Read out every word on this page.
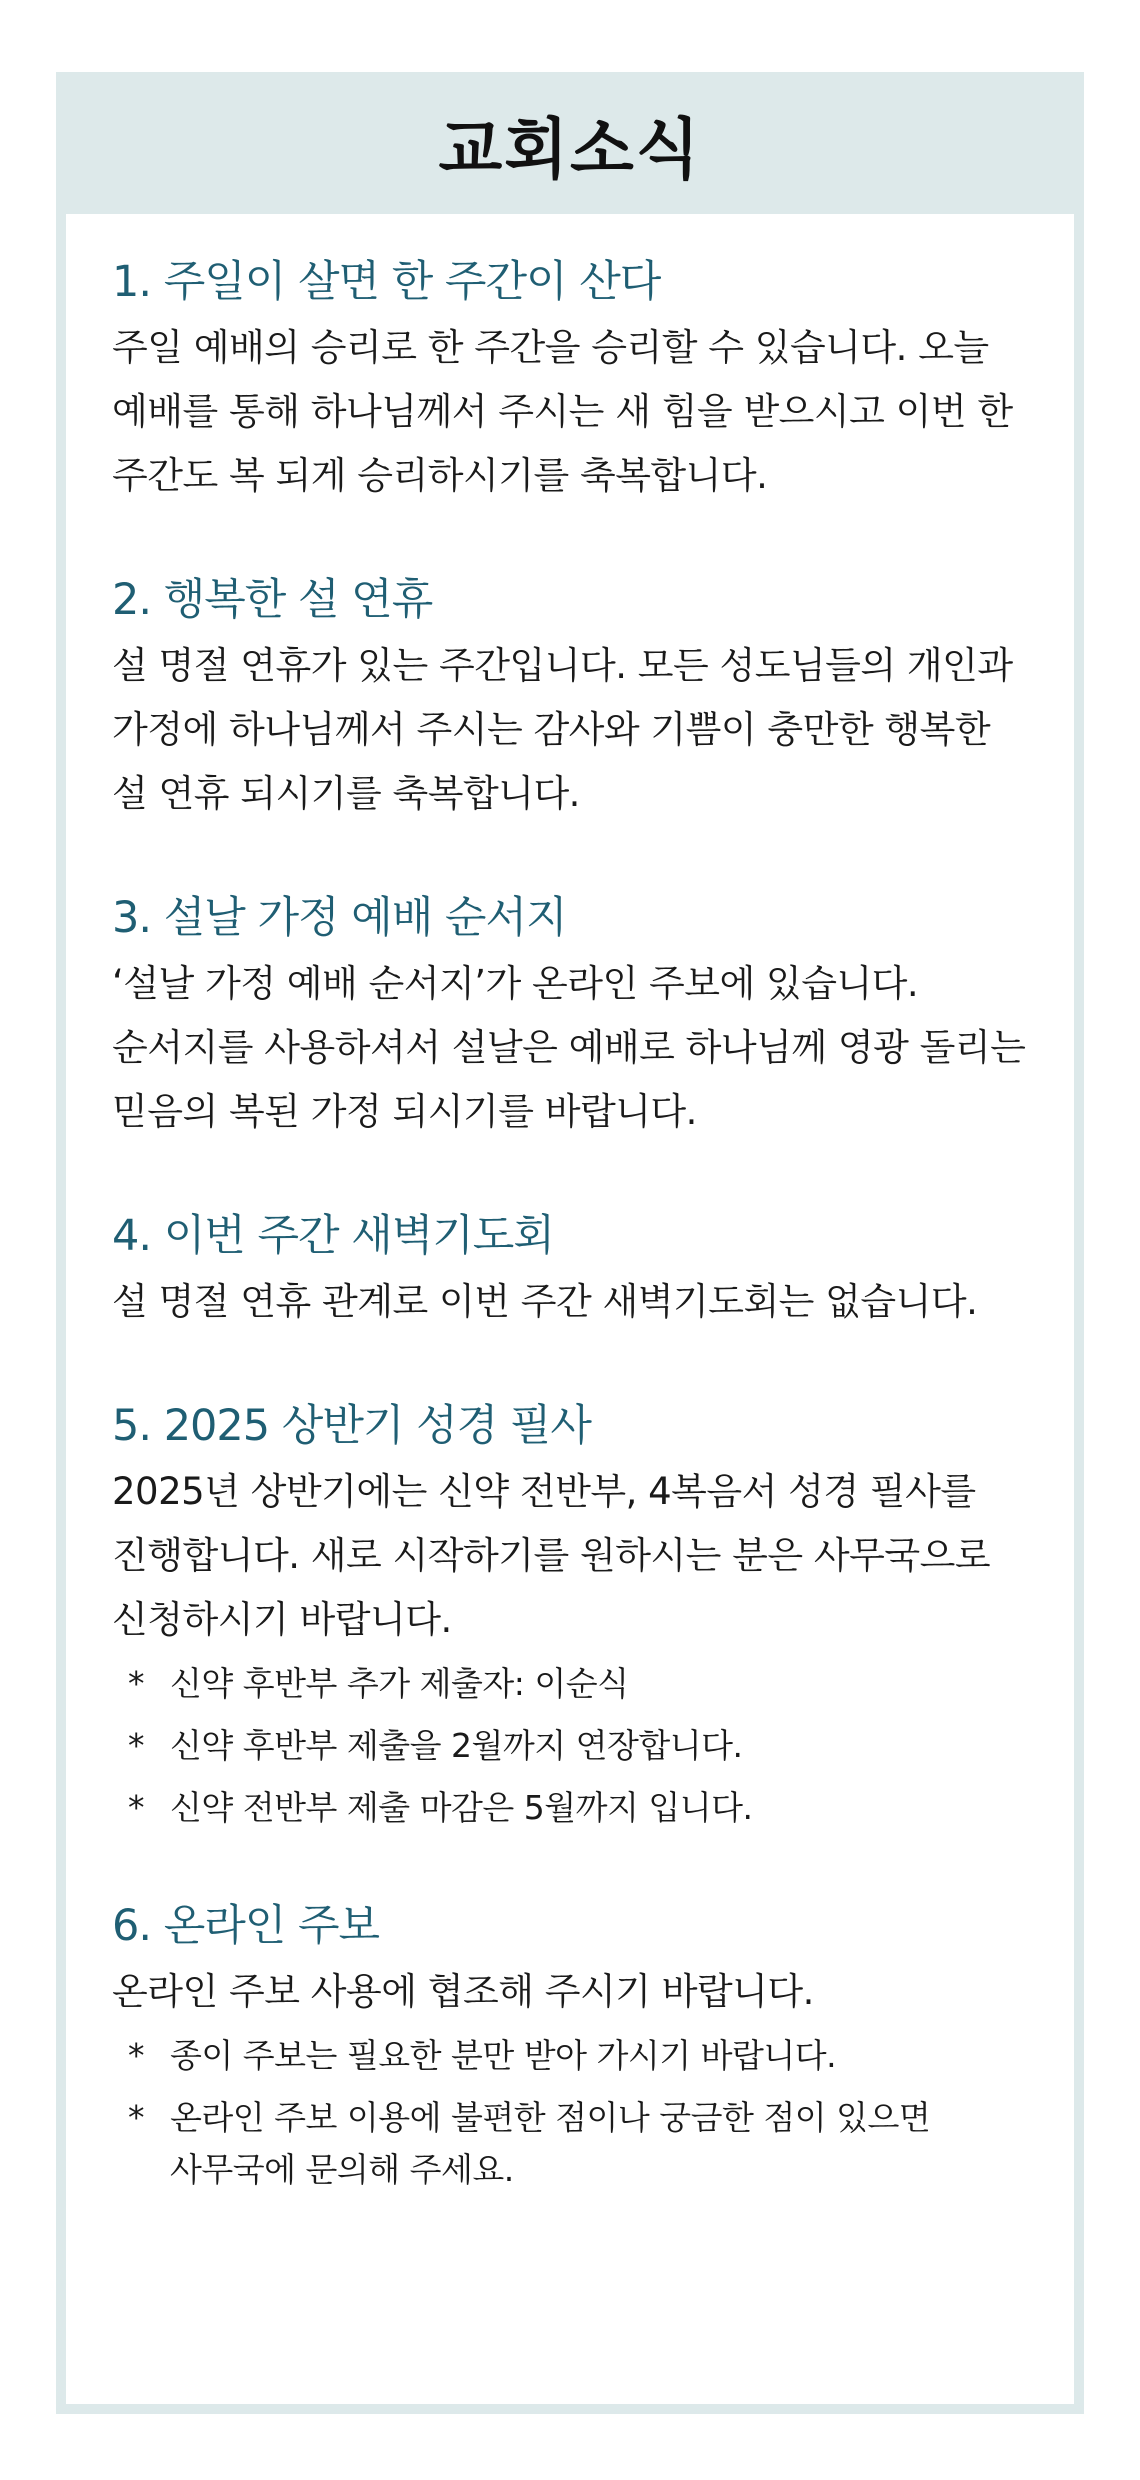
교회소식
1. 주일이 살면 한 주간이 산다
주일 예배의 승리로 한 주간을 승리할 수 있습니다. 오늘 예배를 통해 하나님께서 주시는 새 힘을 받으시고 이번 한 주간도 복 되게 승리하시기를 축복합니다.
2. 행복한 설 연휴
설 명절 연휴가 있는 주간입니다. 모든 성도님들의 개인과 가정에 하나님께서 주시는 감사와 기쁨이 충만한 행복한 설 연휴 되시기를 축복합니다.
3. 설날 가정 예배 순서지
‘설날 가정 예배 순서지’가 온라인 주보에 있습니다. 순서지를 사용하셔서 설날은 예배로 하나님께 영광 돌리는 믿음의 복된 가정 되시기를 바랍니다.
4. 이번 주간 새벽기도회
설 명절 연휴 관계로 이번 주간 새벽기도회는 없습니다.
5. 2025 상반기 성경 필사
2025년 상반기에는 신약 전반부, 4복음서 성경 필사를 진행합니다. 새로 시작하기를 원하시는 분은 사무국으로 신청하시기 바랍니다.
* 신약 후반부 추가 제출자: 이순식
* 신약 후반부 제출을 2월까지 연장합니다.
* 신약 전반부 제출 마감은 5월까지 입니다.
6. 온라인 주보
온라인 주보 사용에 협조해 주시기 바랍니다.
* 종이 주보는 필요한 분만 받아 가시기 바랍니다.
* 온라인 주보 이용에 불편한 점이나 궁금한 점이 있으면 사무국에 문의해 주세요.
